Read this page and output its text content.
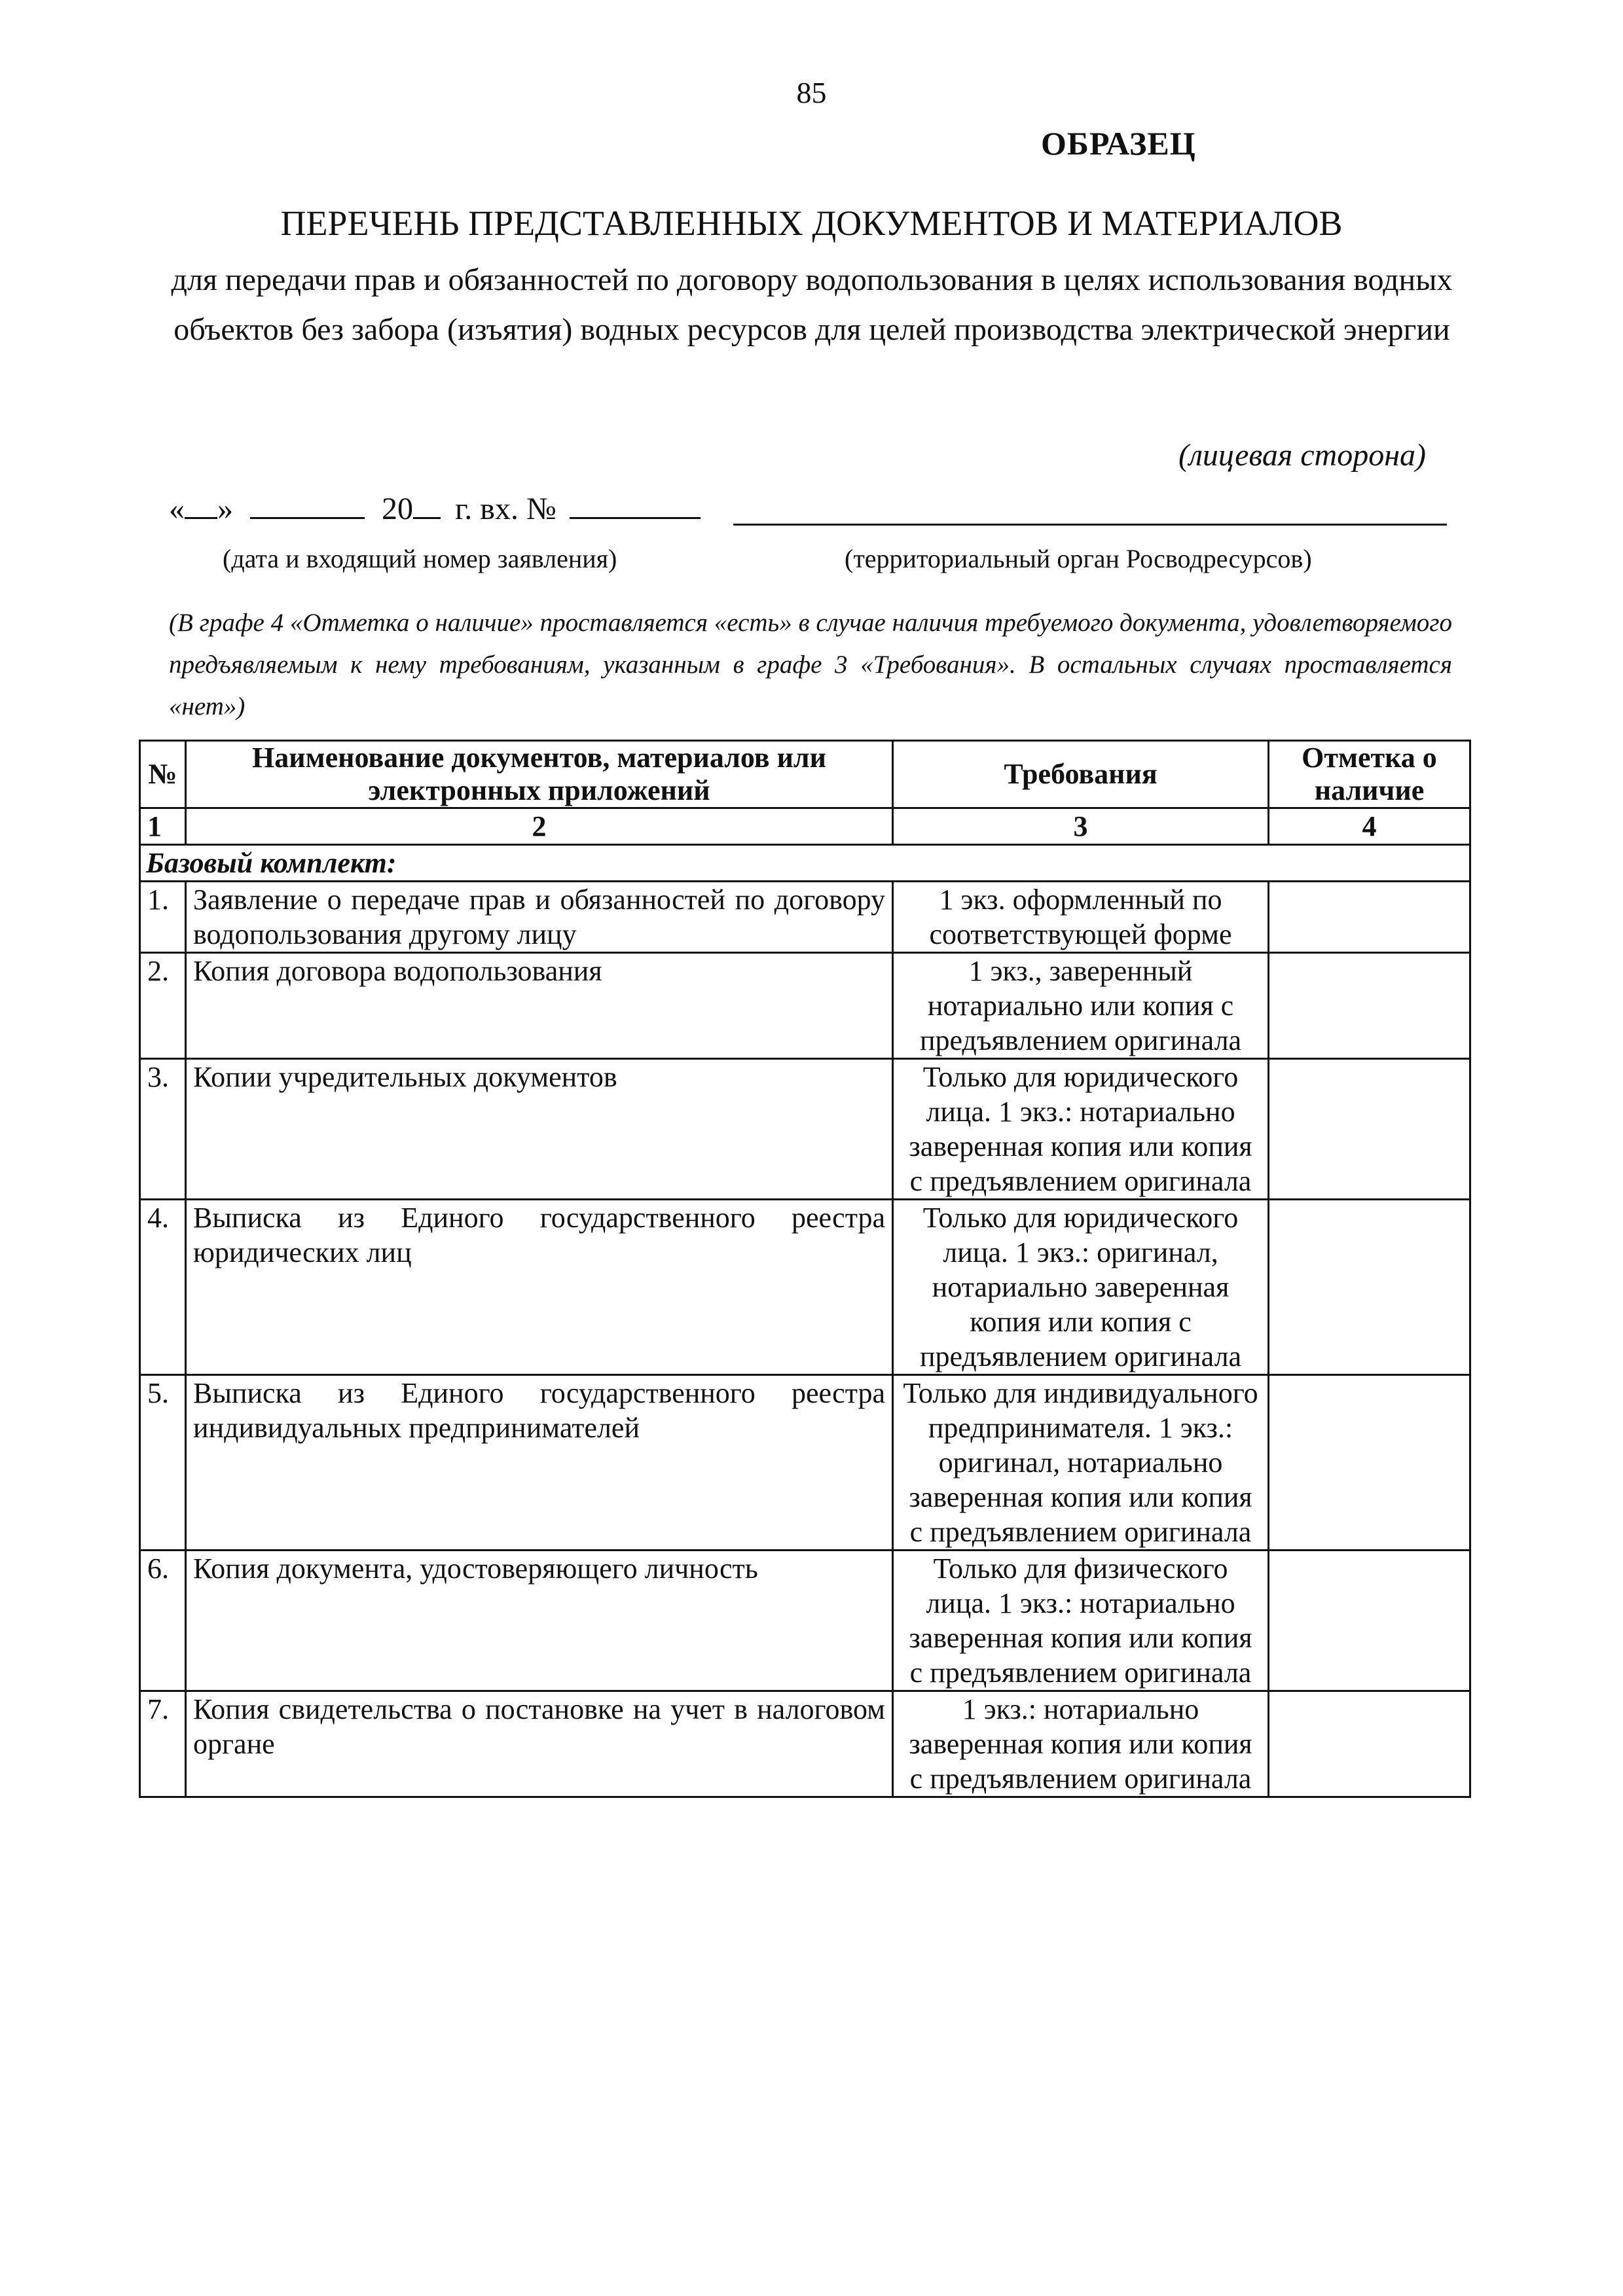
85
ОБРАЗЕЦ
ПЕРЕЧЕНЬ ПРЕДСТАВЛЕННЫХ ДОКУМЕНТОВ И МАТЕРИАЛОВ
для передачи прав и обязанностей по договору водопользования в целях использования водных объектов без забора (изъятия) водных ресурсов для целей производства электрической энергии
(лицевая сторона)
« »	20 г. вх. №
(дата и входящий номер заявления)	(территориальный орган Росводресурсов)
(В графе 4 «Отметка о наличие» проставляется «есть» в случае наличия требуемого документа, удовлетворяемого предъявляемым к нему требованиям, указанным в графе 3 «Требования». В остальных случаях проставляется «нет»)
№	Наименование документов, материалов или электронных приложений	Требования	Отметка о наличие
1	2	3	4
Базовый комплект:			
1.	Заявление о передаче прав и обязанностей по договору водопользования другому лицу	1 экз. оформленный по соответствующей форме	
2.	Копия договора водопользования	1 экз., заверенный нотариально или копия с предъявлением оригинала	
3.	Копии учредительных документов	Только для юридического лица. 1 экз.: нотариально заверенная копия или копия с предъявлением оригинала	
4.	Выписка из Единого государственного реестра юридических лиц	Только для юридического лица. 1 экз.: оригинал, нотариально заверенная копия или копия с предъявлением оригинала	
5.	Выписка из Единого государственного реестра индивидуальных предпринимателей	Только для индивидуального предпринимателя. 1 экз.: оригинал, нотариально заверенная копия или копия с предъявлением оригинала	
6.	Копия документа, удостоверяющего личность	Только для физического лица. 1 экз.: нотариально заверенная копия или копия с предъявлением оригинала	
7.	Копия свидетельства о постановке на учет в налоговом органе	1 экз.: нотариально заверенная копия или копия с предъявлением оригинала	
